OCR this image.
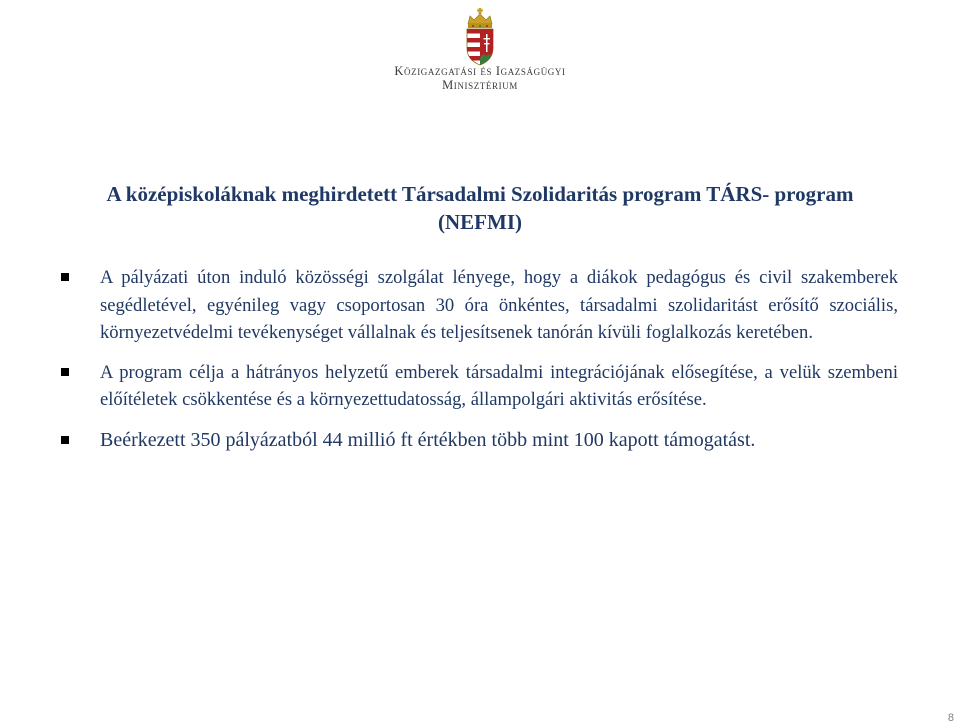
Közigazgatási és Igazságügyi
Minisztérium
A középiskoláknak meghirdetett Társadalmi Szolidaritás program TÁRS- program
(NEFMI)
A pályázati úton induló közösségi szolgálat lényege, hogy a diákok pedagógus és civil szakemberek segédletével, egyénileg vagy csoportosan 30 óra önkéntes, társadalmi szolidaritást erősítő szociális, környezetvédelmi tevékenységet vállalnak és teljesítsenek tanórán kívüli foglalkozás keretében.
A program célja a hátrányos helyzetű emberek társadalmi integrációjának elősegítése, a velük szembeni előítéletek csökkentése és a környezettudatosság, állampolgári aktivitás erősítése.
Beérkezett 350 pályázatból 44 millió ft értékben több mint 100 kapott támogatást.
8
